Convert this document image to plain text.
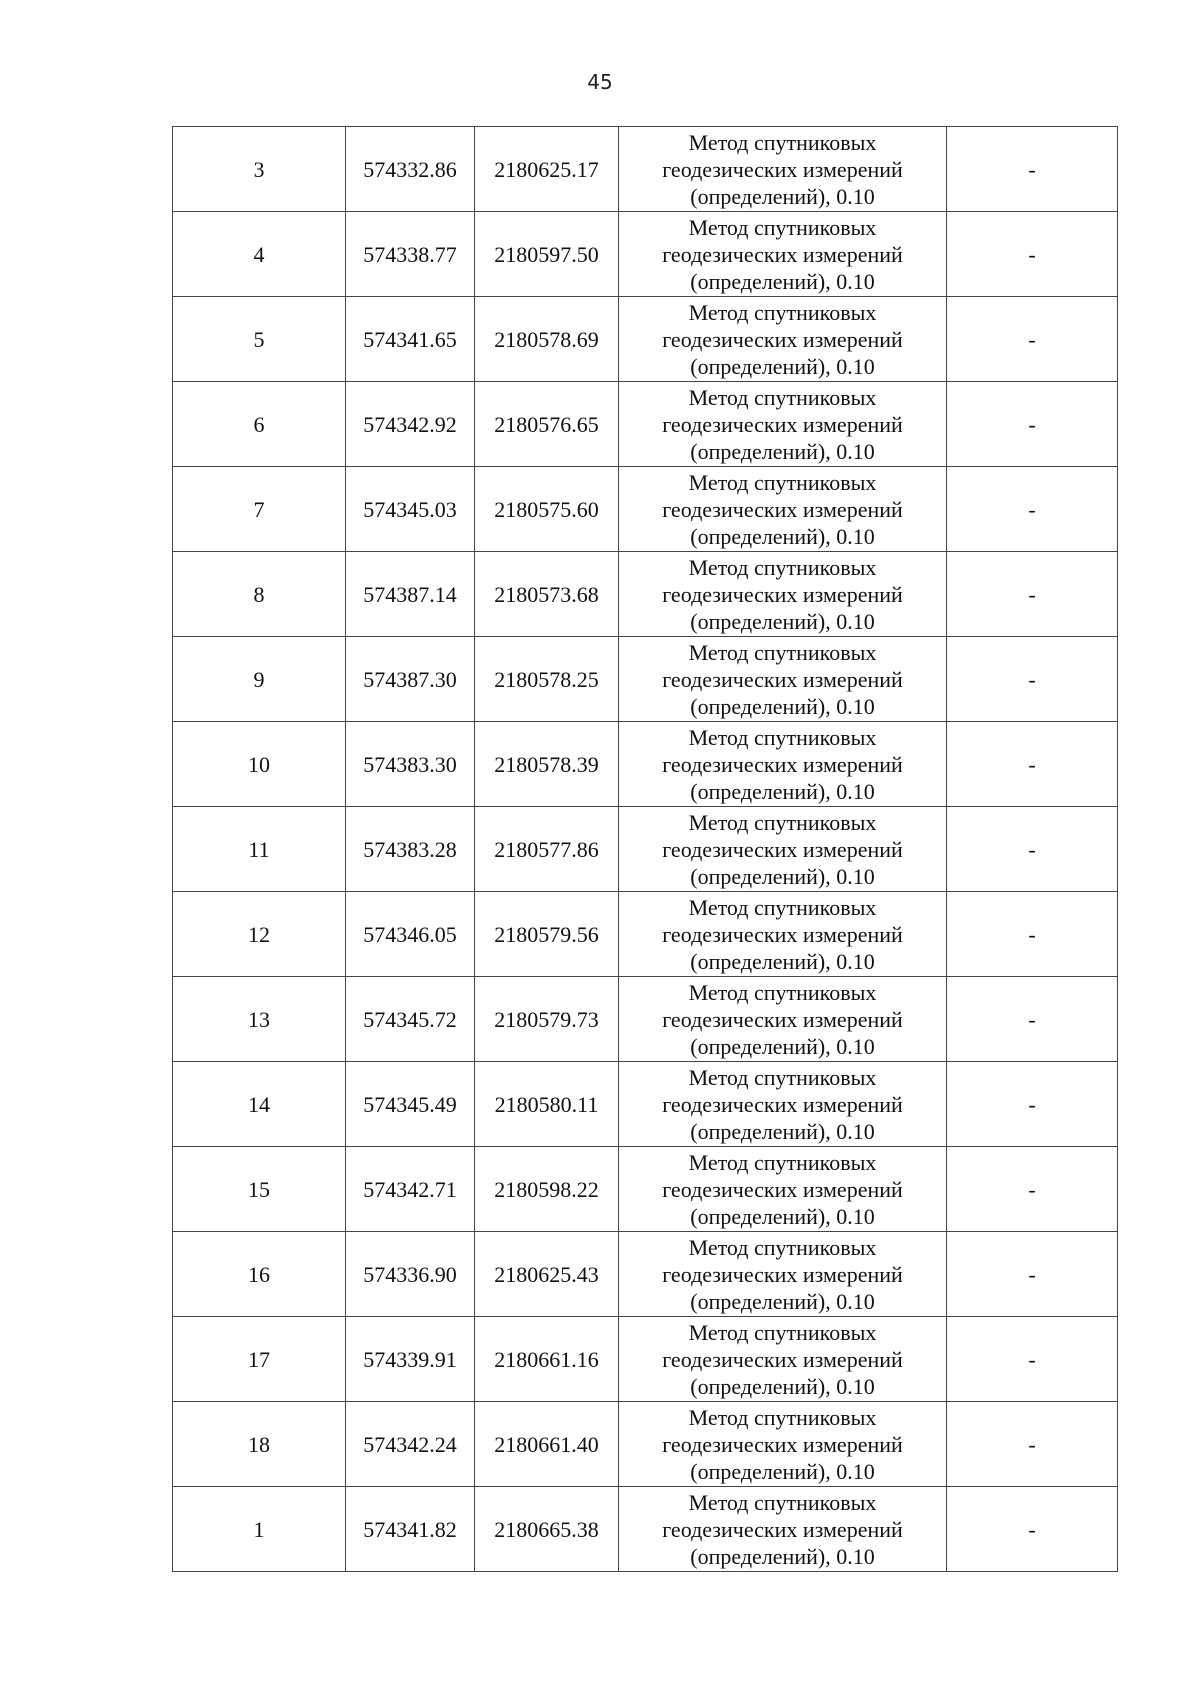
45
3	574332.86	2180625.17	Метод спутниковых
геодезических измерений
(определений), 0.10	-
4	574338.77	2180597.50	Метод спутниковых
геодезических измерений
(определений), 0.10	-
5	574341.65	2180578.69	Метод спутниковых
геодезических измерений
(определений), 0.10	-
6	574342.92	2180576.65	Метод спутниковых
геодезических измерений
(определений), 0.10	-
7	574345.03	2180575.60	Метод спутниковых
геодезических измерений
(определений), 0.10	-
8	574387.14	2180573.68	Метод спутниковых
геодезических измерений
(определений), 0.10	-
9	574387.30	2180578.25	Метод спутниковых
геодезических измерений
(определений), 0.10	-
10	574383.30	2180578.39	Метод спутниковых
геодезических измерений
(определений), 0.10	-
11	574383.28	2180577.86	Метод спутниковых
геодезических измерений
(определений), 0.10	-
12	574346.05	2180579.56	Метод спутниковых
геодезических измерений
(определений), 0.10	-
13	574345.72	2180579.73	Метод спутниковых
геодезических измерений
(определений), 0.10	-
14	574345.49	2180580.11	Метод спутниковых
геодезических измерений
(определений), 0.10	-
15	574342.71	2180598.22	Метод спутниковых
геодезических измерений
(определений), 0.10	-
16	574336.90	2180625.43	Метод спутниковых
геодезических измерений
(определений), 0.10	-
17	574339.91	2180661.16	Метод спутниковых
геодезических измерений
(определений), 0.10	-
18	574342.24	2180661.40	Метод спутниковых
геодезических измерений
(определений), 0.10	-
1	574341.82	2180665.38	Метод спутниковых
геодезических измерений
(определений), 0.10	-
